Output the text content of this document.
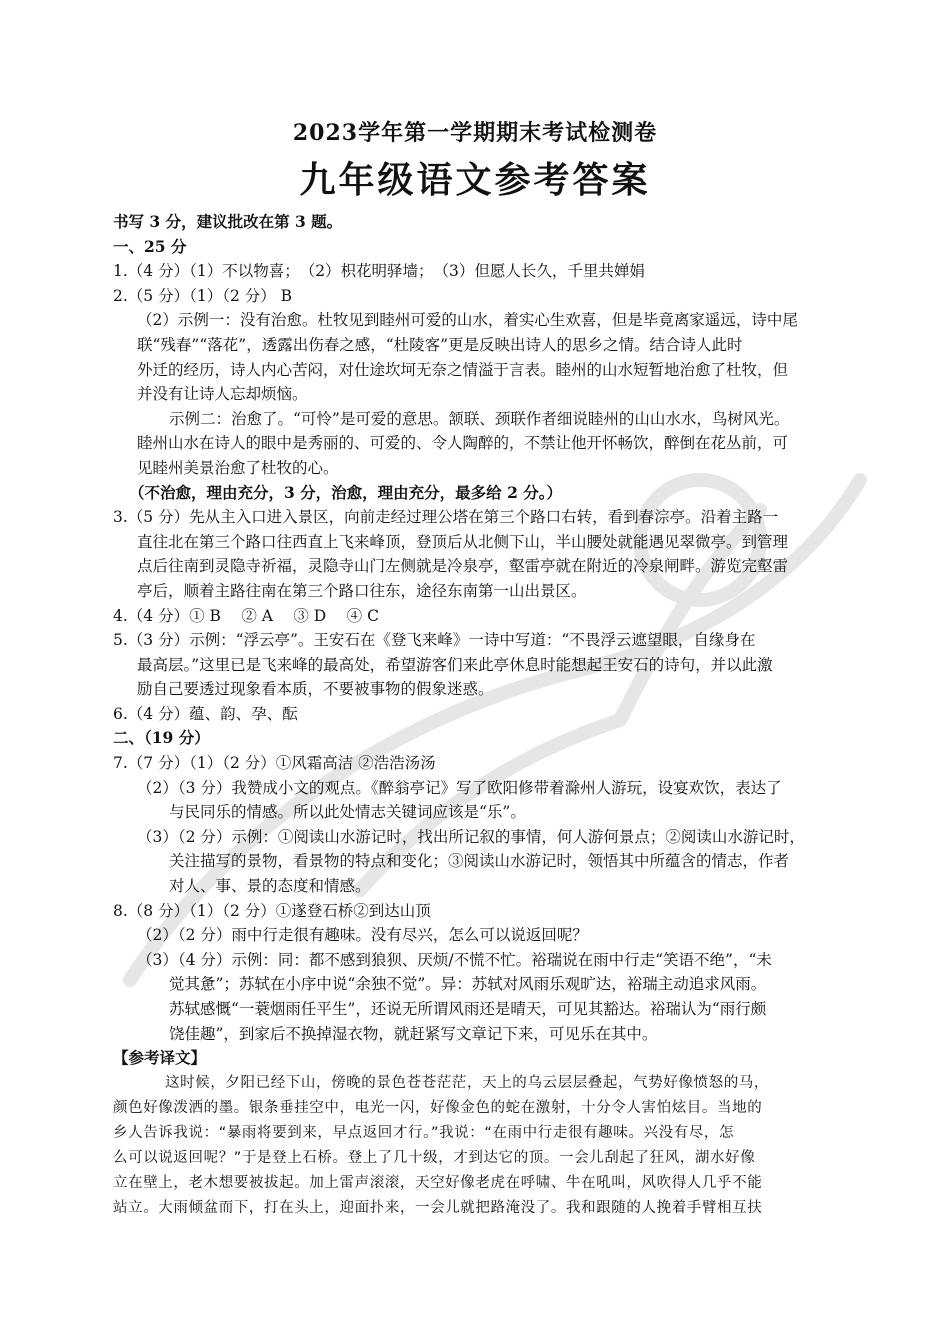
2023学年第一学期期末考试检测卷
九年级语文参考答案
书写 3 分，建议批改在第 3 题。
一、25 分
1.（4 分）（1）不以物喜；　（2）枳花明驿墙；　（3）但愿人长久，千里共婵娟
2.（5 分）（1）（2 分） B
（2）示例一：没有治愈。杜牧见到睦州可爱的山水，着实心生欢喜，但是毕竟离家遥远，诗中尾
联“残春”“落花”，透露出伤春之感，“杜陵客”更是反映出诗人的思乡之情。结合诗人此时
外迁的经历，诗人内心苦闷，对仕途坎坷无奈之情溢于言表。睦州的山水短暂地治愈了杜牧，但
并没有让诗人忘却烦恼。
示例二：治愈了。“可怜”是可爱的意思。颔联、颈联作者细说睦州的山山水水，鸟树风光。
睦州山水在诗人的眼中是秀丽的、可爱的、令人陶醉的，不禁让他开怀畅饮，醉倒在花丛前，可
见睦州美景治愈了杜牧的心。
（不治愈，理由充分，3 分，治愈，理由充分，最多给 2 分。）
3.（5 分）先从主入口进入景区，向前走经过理公塔在第三个路口右转，看到春淙亭。沿着主路一
直往北在第三个路口往西直上飞来峰顶，登顶后从北侧下山，半山腰处就能遇见翠微亭。到管理
点后往南到灵隐寺祈福，灵隐寺山门左侧就是冷泉亭，壑雷亭就在附近的冷泉闸畔。游览完壑雷
亭后，顺着主路往南在第三个路口往东，途径东南第一山出景区。
4.（4 分）① B　 ② A　 ③ D　 ④ C
5.（3 分）示例：“浮云亭”。王安石在《登飞来峰》一诗中写道：“不畏浮云遮望眼，自缘身在
最高层。”这里已是飞来峰的最高处，希望游客们来此亭休息时能想起王安石的诗句，并以此激
励自己要透过现象看本质，不要被事物的假象迷惑。
6.（4 分）蕴、韵、孕、酝
二、（19 分）
7.（7 分）（1）（2 分）①风霜高洁 ②浩浩汤汤
（2）（3 分）我赞成小文的观点。《醉翁亭记》写了欧阳修带着滁州人游玩，设宴欢饮，表达了
与民同乐的情感。所以此处情志关键词应该是“乐”。
（3）（2 分）示例：①阅读山水游记时，找出所记叙的事情，何人游何景点；②阅读山水游记时，
关注描写的景物，看景物的特点和变化；③阅读山水游记时，领悟其中所蕴含的情志，作者
对人、事、景的态度和情感。
8.（8 分）（1）（2 分）①遂登石桥②到达山顶
（2）（2 分）雨中行走很有趣味。没有尽兴，怎么可以说返回呢？
（3）（4 分）示例：同：都不感到狼狈、厌烦/不慌不忙。裕瑞说在雨中行走“笑语不绝”，“未
觉其惫”；苏轼在小序中说“余独不觉”。异：苏轼对风雨乐观旷达，裕瑞主动追求风雨。
苏轼感慨“一蓑烟雨任平生”，还说无所谓风雨还是晴天，可见其豁达。裕瑞认为“雨行颇
饶佳趣”，到家后不换掉湿衣物，就赶紧写文章记下来，可见乐在其中。
【参考译文】
这时候，夕阳已经下山，傍晚的景色苍苍茫茫，天上的乌云层层叠起，气势好像愤怒的马，
颜色好像泼洒的墨。银条垂挂空中，电光一闪，好像金色的蛇在激射，十分令人害怕炫目。当地的
乡人告诉我说：“暴雨将要到来，早点返回才行。”我说：“在雨中行走很有趣味。兴没有尽，怎
么可以说返回呢？”于是登上石桥。登上了几十级，才到达它的顶。一会儿刮起了狂风，湖水好像
立在壁上，老木想要被拔起。加上雷声滚滚，天空好像老虎在呼啸、牛在吼叫，风吹得人几乎不能
站立。大雨倾盆而下，打在头上，迎面扑来，一会儿就把路淹没了。我和跟随的人挽着手臂相互扶
